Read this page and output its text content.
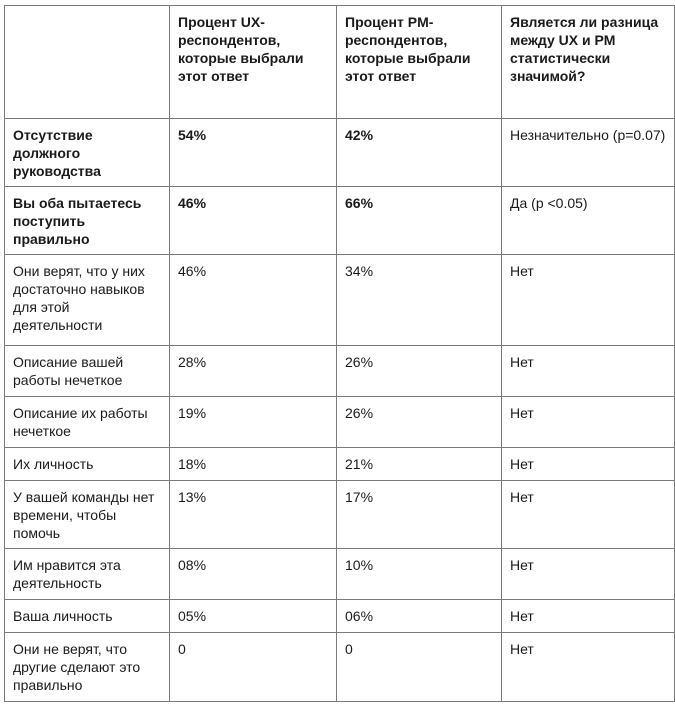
	Процент UX-респондентов, которые выбрали этот ответ	Процент PM-респондентов, которые выбрали этот ответ	Является ли разница между UX и PM статистически значимой?
Отсутствие должного руководства	54%	42%	Незначительно (p=0.07)
Вы оба пытаетесь поступить правильно	46%	66%	Да (p <0.05)
Они верят, что у них достаточно навыков для этой деятельности	46%	34%	Нет
Описание вашей работы нечеткое	28%	26%	Нет
Описание их работы нечеткое	19%	26%	Нет
Их личность	18%	21%	Нет
У вашей команды нет времени, чтобы помочь	13%	17%	Нет
Им нравится эта деятельность	08%	10%	Нет
Ваша личность	05%	06%	Нет
Они не верят, что другие сделают это правильно	0	0	Нет
